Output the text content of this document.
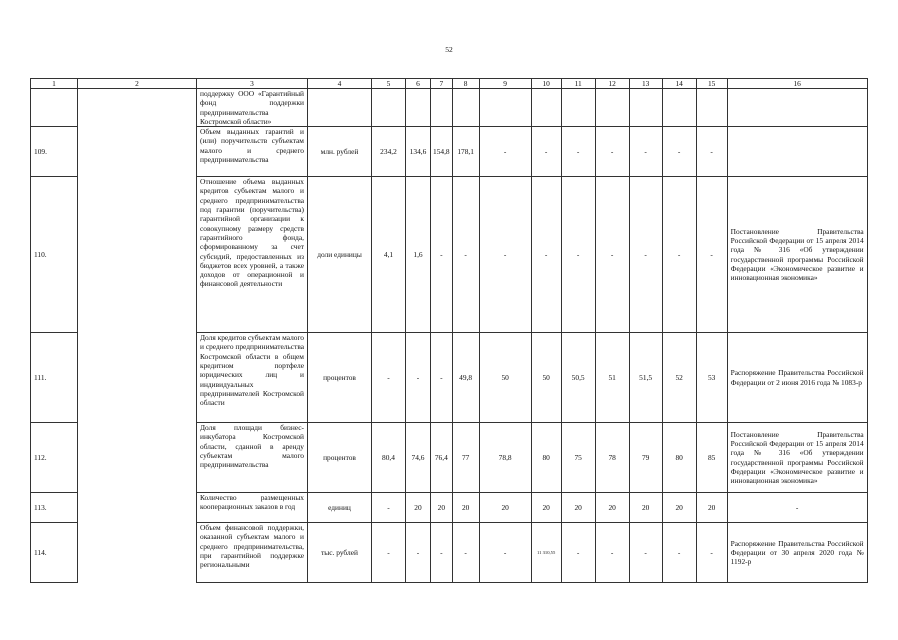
52
1	2	3	4	5	6	7	8	9	10	11	12	13	14	15	16
		поддержку ООО «Гарантийный фонд поддержки предпринимательства Костромской области»													
109.		Объем выданных гарантий и (или) поручительств субъектам малого и среднего предпринимательства	млн. рублей	234,2	134,6	154,8	178,1	-	-	-	-	-	-	-	
110.		Отношение объема выданных кредитов субъектам малого и среднего предпринимательства под гарантии (поручительства) гарантийной организации к совокупному размеру средств гарантийного фонда, сформированному за счет субсидий, предоставленных из бюджетов всех уровней, а также доходов от операционной и финансовой деятельности	доли единицы	4,1	1,6	-	-	-	-	-	-	-	-	-	Постановление Правительства Российской Федерации от 15 апреля 2014 года № 316 «Об утверждении государственной программы Российской Федерации «Экономическое развитие и инновационная экономика»
111.		Доля кредитов субъектам малого и среднего предпринимательства Костромской области в общем кредитном портфеле юридических лиц и индивидуальных предпринимателей Костромской области	процентов	-	-	-	49,8	50	50	50,5	51	51,5	52	53	Распоряжение Правительства Российской Федерации от 2 июня 2016 года № 1083-р
112.		Доля площади бизнес-инкубатора Костромской области, сданной в аренду субъектам малого предпринимательства	процентов	80,4	74,6	76,4	77	78,8	80	75	78	79	80	85	Постановление Правительства Российской Федерации от 15 апреля 2014 года № 316 «Об утверждении государственной программы Российской Федерации «Экономическое развитие и инновационная экономика»
113.		Количество размещенных кооперационных заказов в год	единиц	-	20	20	20	20	20	20	20	20	20	20	-
114.		Объем финансовой поддержки, оказанной субъектам малого и среднего предпринимательства, при гарантийной поддержке региональными	тыс. рублей	-	-	-	-	-	11 310,55	-	-	-	-	-	Распоряжение Правительства Российской Федерации от 30 апреля 2020 года № 1192-р
